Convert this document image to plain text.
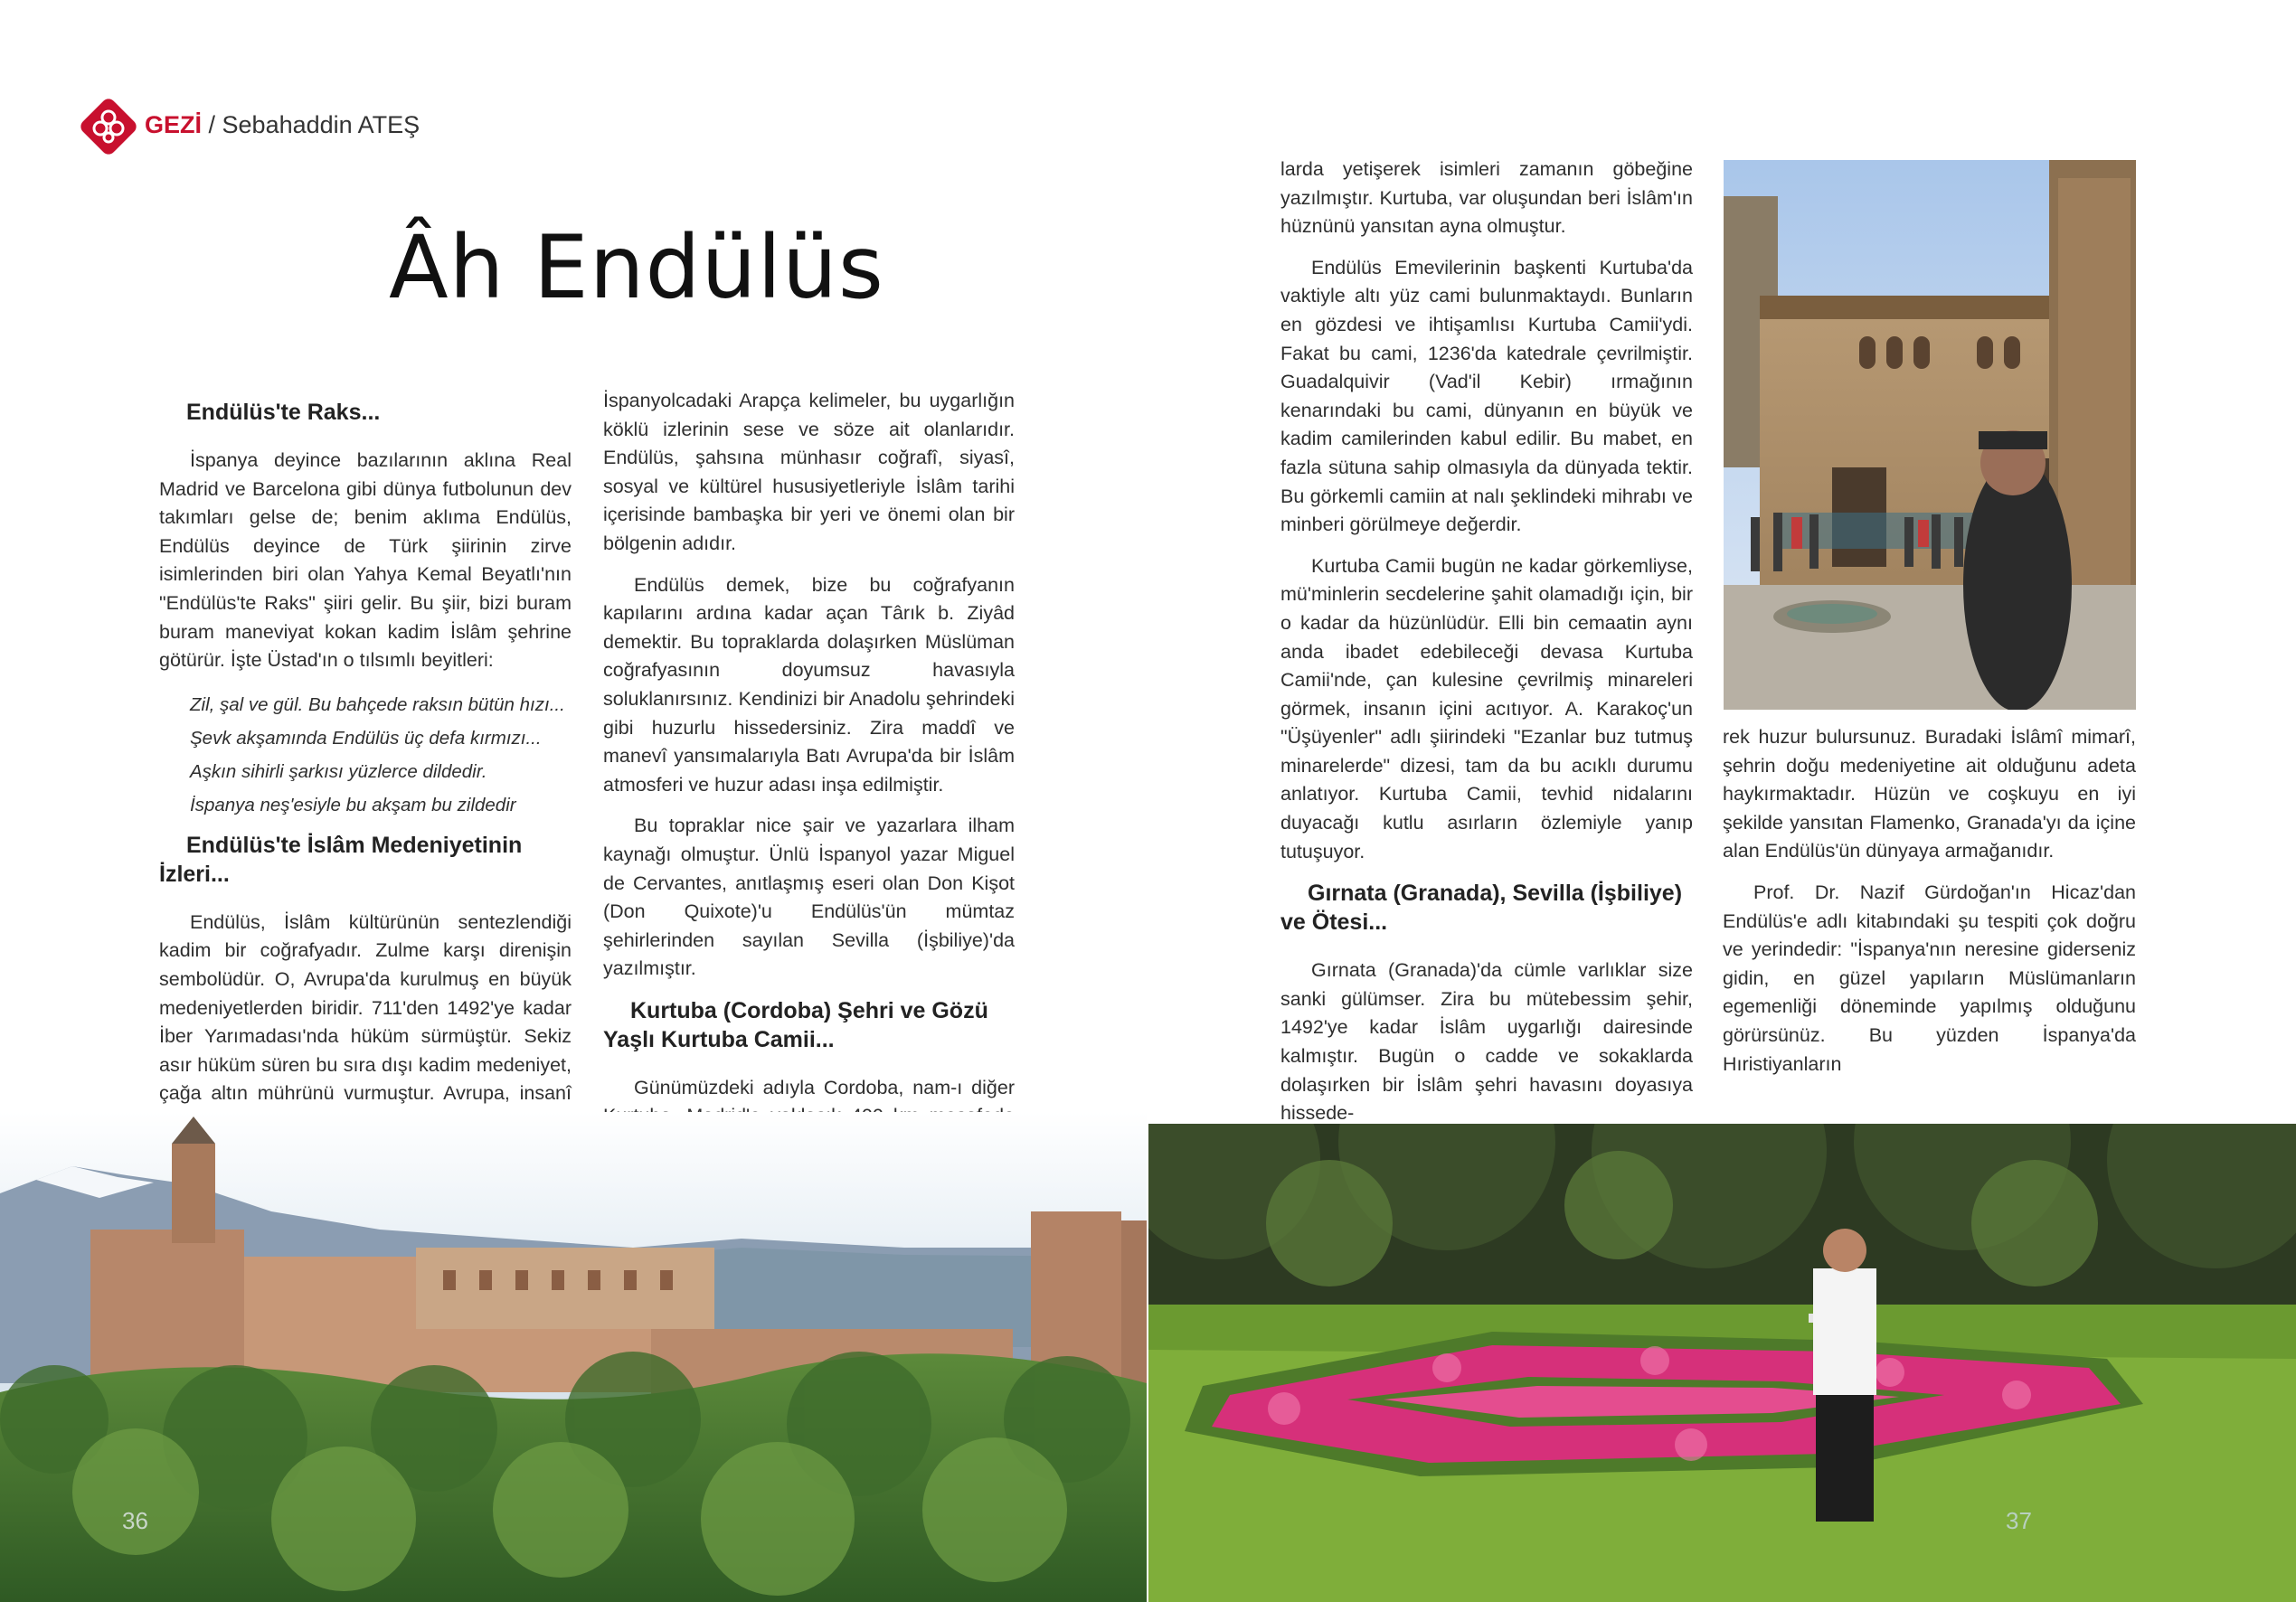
GEZİ / Sebahaddin ATEŞ
Âh Endülüs
Endülüs'te Raks...

İspanya deyince bazılarının aklına Real Madrid ve Barcelona gibi dünya futbolunun dev takımları gelse de; benim aklıma Endülüs, Endülüs deyince de Türk şiirinin zirve isimlerinden biri olan Yahya Kemal Beyatlı'nın "Endülüs'te Raks" şiiri gelir. Bu şiir, bizi buram buram maneviyat kokan kadim İslâm şehrine götürür. İşte Üstad'ın o tılsımlı beyitleri:

Zil, şal ve gül. Bu bahçede raksın bütün hızı...

Şevk akşamında Endülüs üç defa kırmızı...

Aşkın sihirli şarkısı yüzlerce dildedir.

İspanya neş'esiyle bu akşam bu zildedir

Endülüs'te İslâm Medeniyetinin İzleri...

Endülüs, İslâm kültürünün sentezlendiği kadim bir coğrafyadır. Zulme karşı direnişin sembolüdür. O, Avrupa'da kurulmuş en büyük medeniyetlerden biridir. 711'den 1492'ye kadar İber Yarımadası'nda hüküm sürmüştür. Sekiz asır hüküm süren bu sıra dışı kadim medeniyet, çağa altın mührünü vurmuştur. Avrupa, insanî

İspanyolcadaki Arapça kelimeler, bu uygarlığın köklü izlerinin sese ve söze ait olanlarıdır. Endülüs, şahsına münhasır coğrafî, siyasî, sosyal ve kültürel hususiyetleriyle İslâm tarihi içerisinde bambaşka bir yeri ve önemi olan bir bölgenin adıdır.

Endülüs demek, bize bu coğrafyanın kapılarını ardına kadar açan Târık b. Ziyâd demektir. Bu topraklarda dolaşırken Müslüman coğrafyasının doyumsuz havasıyla soluklanırsınız. Kendinizi bir Anadolu şehrindeki gibi huzurlu hissedersiniz. Zira maddî ve manevî yansımalarıyla Batı Avrupa'da bir İslâm atmosferi ve huzur adası inşa edilmiştir.

Bu topraklar nice şair ve yazarlara ilham kaynağı olmuştur. Ünlü İspanyol yazar Miguel de Cervantes, anıtlaşmış eseri olan Don Kişot (Don Quixote)'u Endülüs'ün mümtaz şehirlerinden sayılan Sevilla (İşbiliye)'da yazılmıştır.

Kurtuba (Cordoba) Şehri ve Gözü Yaşlı Kurtuba Camii...

Günümüzdeki adıyla Cordoba, nam-ı diğer

larda yetişerek isimleri zamanın göbeğine yazılmıştır. Kurtuba, var oluşundan beri İslâm'ın hüznünü yansıtan ayna olmuştur.

Endülüs Emevilerinin başkenti Kurtuba'da vaktiyle altı yüz cami bulunmaktaydı. Bunların en gözdesi ve ihtişamlısı Kurtuba Camii'ydi. Fakat bu cami, 1236'da katedrale çevrilmiştir. Guadalquivir (Vad'il Kebir) ırmağının kenarındaki bu cami, dünyanın en büyük ve kadim camilerinden kabul edilir. Bu mabet, en fazla sütuna sahip olmasıyla da dünyada tektir. Bu görkemli camiin at nalı şeklindeki mihrabı ve minberi görülmeye değerdir.

Kurtuba Camii bugün ne kadar görkemliyse, mü'minlerin secdelerine şahit olamadığı için, bir o kadar da hüzünlüdür. Elli bin cemaatin aynı anda ibadet edebileceği devasa Kurtuba Camii'nde, çan kulesine çevrilmiş minareleri görmek, insanın içini acıtıyor. A. Karakoç'un "Üşüyenler" adlı şiirindeki "Ezanlar buz tutmuş minarelerde" dizesi, tam da bu acıklı durumu anlatıyor. Kurtuba Camii, tevhid nidalarını duyacağı kutlu asırların özlemiyle yanıp tutuşuyor.

Gırnata (Granada), Sevilla (İşbiliye) ve Ötesi...

Gırnata (Granada)'da cümle varlıklar size sanki gülümser. Zira bu mütebessim şehir, 1492'ye kadar İslâm uygarlığı dairesinde kalmıştır. Bugün o cadde ve sokaklarda dolaşırken bir İslâm şehri havasını doyasıya hissede-

rek huzur bulursunuz. Buradaki İslâmî mimarî, şehrin doğu medeniyetine ait olduğunu adeta haykırmaktadır. Hüzün ve coşkuyu en iyi şekilde yansıtan Flamenko, Granada'yı da içine alan Endülüs'ün dünyaya armağanıdır.

Prof. Dr. Nazif Gürdoğan'ın Hicaz'dan Endülüs'e adlı kitabındaki şu tespiti çok doğru ve yerindedir: "İspanya'nın neresine giderseniz gidin, en güzel yapıların Müslümanların egemenliği döneminde yapılmış olduğunu görürsünüz. Bu yüzden İspanya'da Hıristiyanların

36	37
